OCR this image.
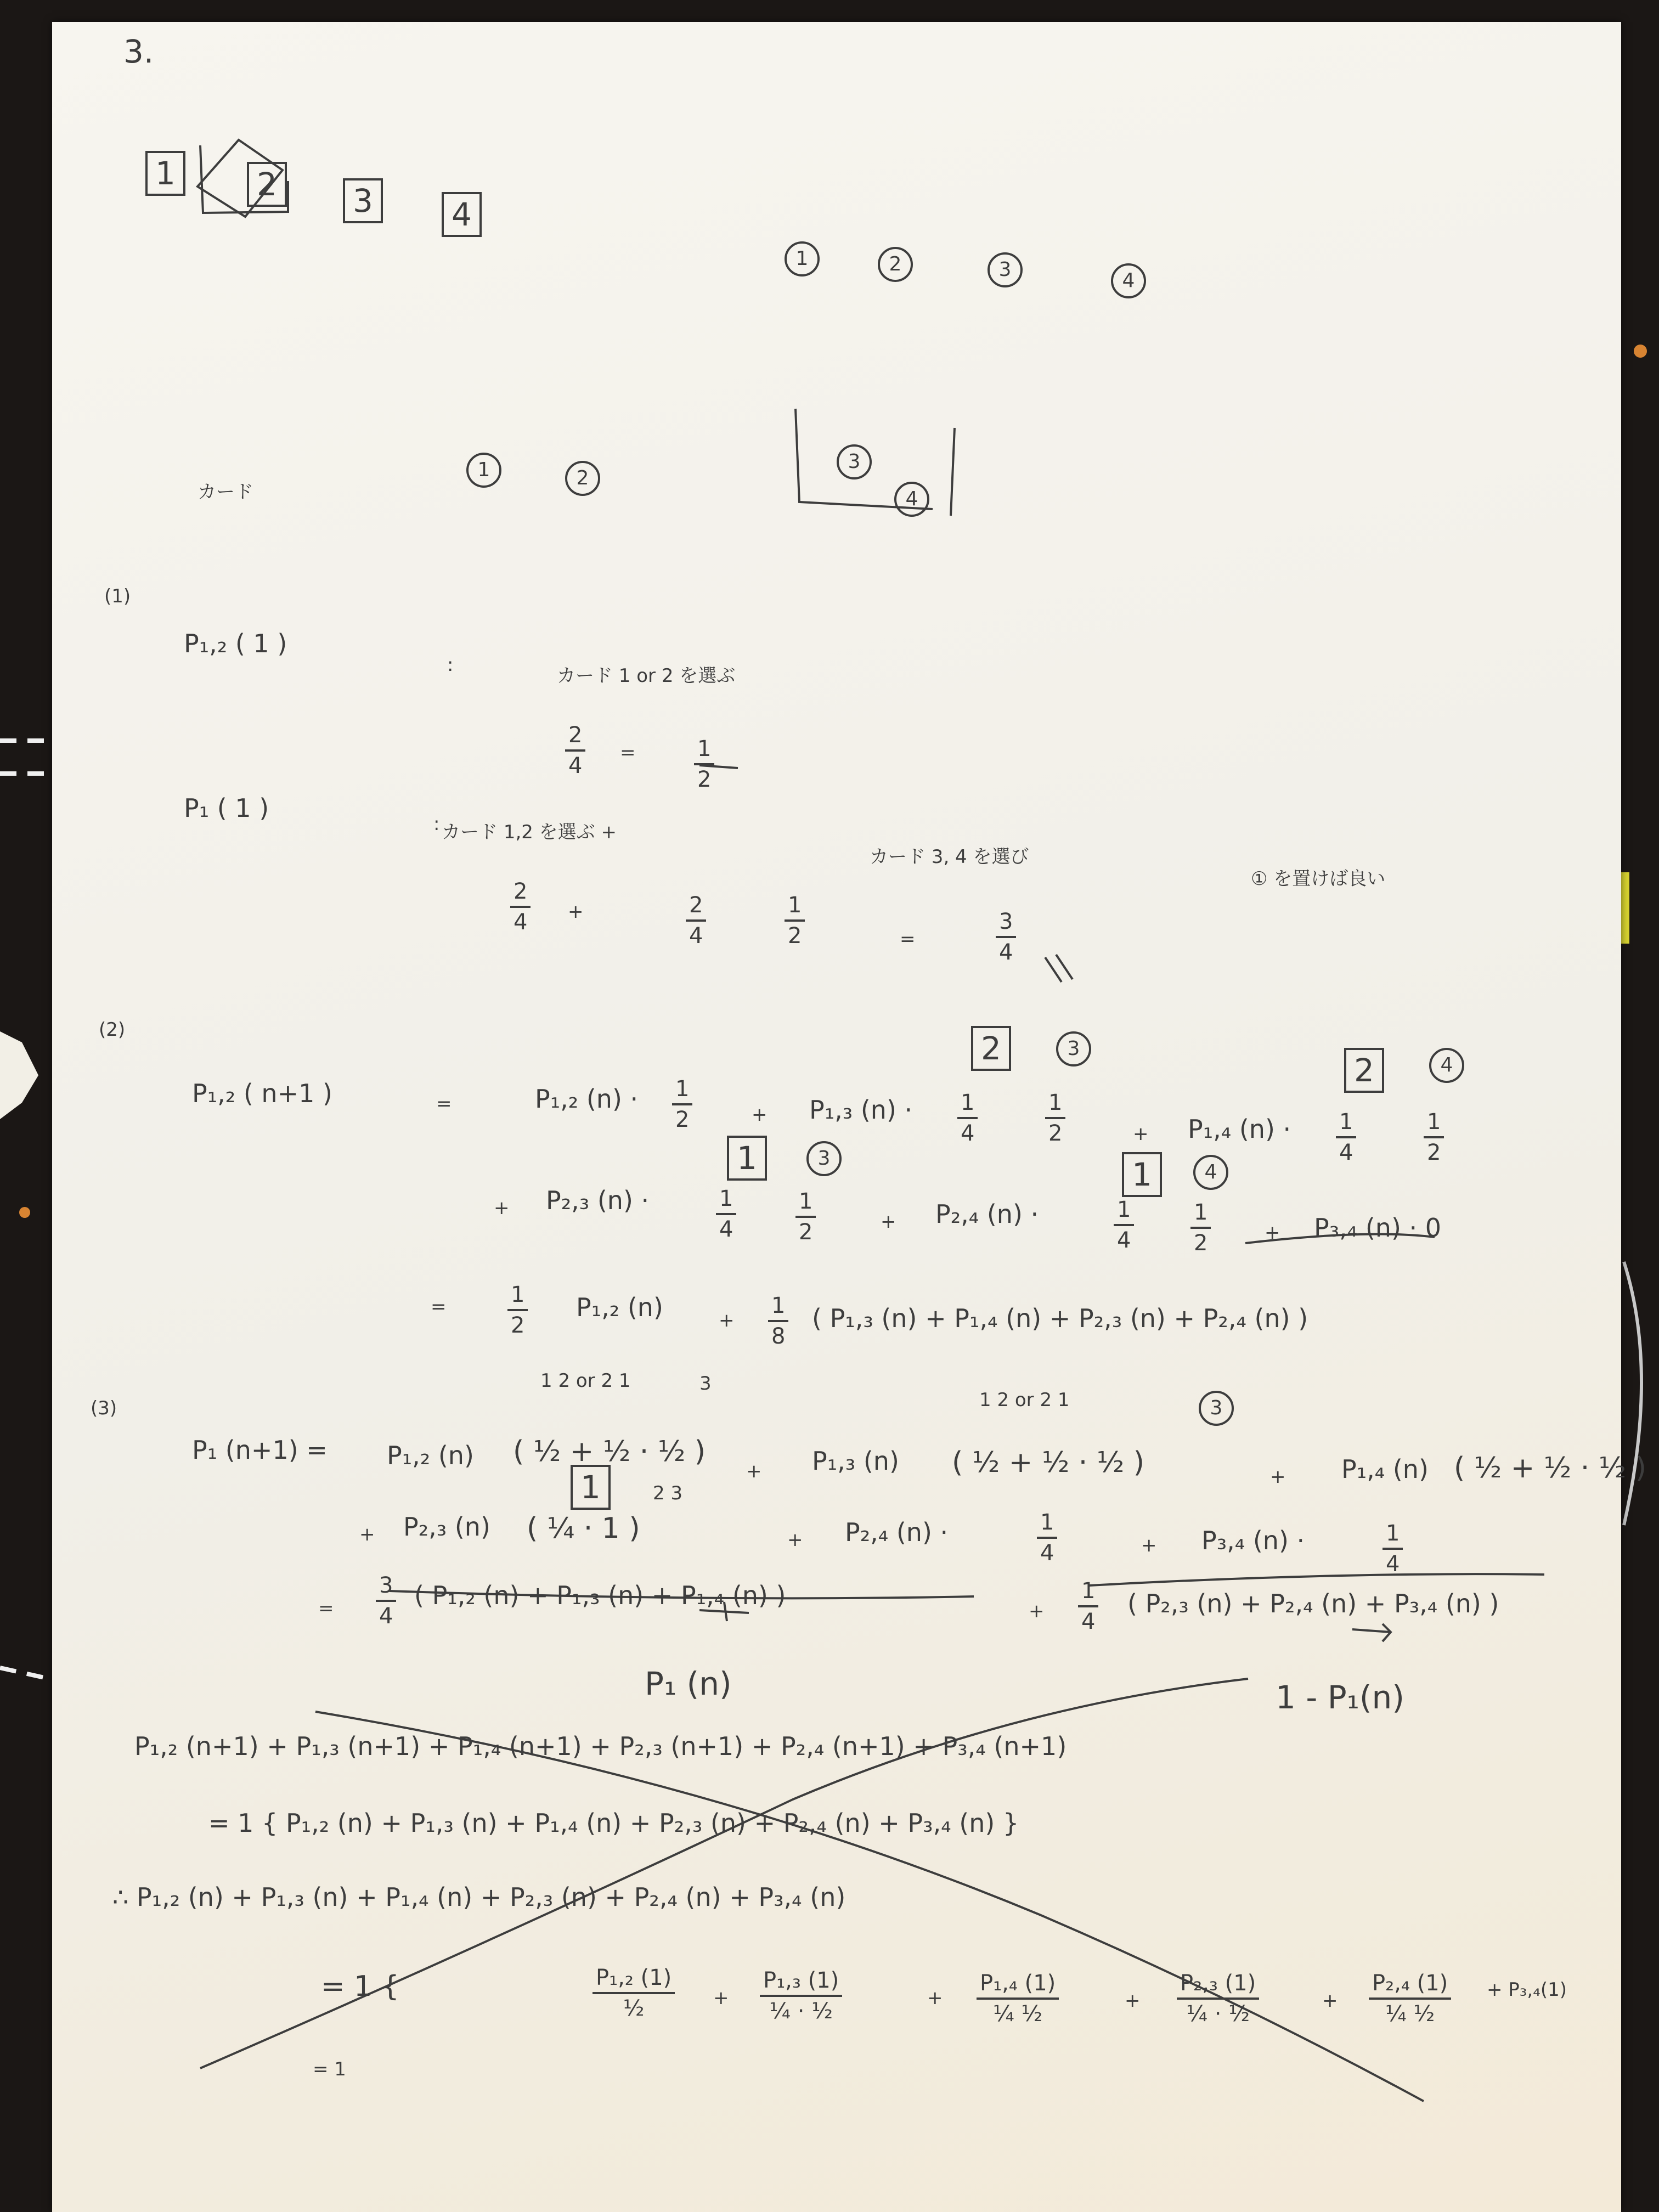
3.
1	2	3	4
1	2	3	4
カード
1	2
3
4
(1)
P₁,₂ ( 1 )
:	カード 1 or 2 を選ぶ
$\frac{2}{4}$ =	$\frac{1}{2}$
P₁ ( 1 )
: カード 1,2 を選ぶ +
カード 3, 4 を選び
① を置けば良い
$\frac{2}{4}$ +	$\frac{2}{4}$	$\frac{1}{2}$	=	$\frac{3}{4}$
(2)
P₁,₂ ( n+1 )	=	P₁,₂ $(n) \cdot \frac{1}{2}$	+ P₁,₃ (n) ·
2	3
$\frac{1}{4}$	$\frac{1}{2}$	+ P₁,₄ (n) ·
2	4
$\frac{1}{4}$	$\frac{1}{2}$
+ P₂,₃ (n) ·
1	3
$\frac{1}{4}$	$\frac{1}{2}$	+ P₂,₄ (n) ·
1	4
$\frac{1}{4}$	$\frac{1}{2}$	+ P₃,₄ (n) · 0
=	$\frac{1}{2} P_1,_2$ (n)	+ $\frac{1}{8}$ ( P₁,₃ (n) + P₁,₄ (n) + P₂,₃ (n) + P₂,₄ (n) )
(3)
1 2 or 2 1	3
1 2 or 2 1	3
P₁ (n+1) = P₁,₂ (n) ( ½ + ½ · ½ )
+ P₁,₃ (n) ( ½ + ½ · ½ )	+ P₁,₄ (n) ( ½ + ½ · ½ )
1	2 3
+ P₂,₃ (n) ( ¼ · 1 )	+ P₂,₄ (n) ·	$\frac{1}{4}$	+ P₃,₄ (n) ·	$\frac{1}{4}$
= $\frac{3}{4}$ ( P₁,₂ (n) + P₁,₃ (n) + P₁,₄ (n) )
+ $\frac{1}{4}$ ( P₂,₃ (n) + P₂,₄ (n) + P₃,₄ (n) )
P₁ (n)	1 - P₁(n)
P₁,₂ (n+1) + P₁,₃ (n+1) + P₁,₄ (n+1) + P₂,₃ (n+1) + P₂,₄ (n+1) + P₃,₄ (n+1)
= 1 { P₁,₂ (n) + P₁,₃ (n) + P₁,₄ (n) + P₂,₃ (n) + P₂,₄ (n) + P₃,₄ (n) }
∴ P₁,₂ (n) + P₁,₃ (n) + P₁,₄ (n) + P₂,₃ (n) + P₂,₄ (n) + P₃,₄ (n)
= 1 {	P₁,₂ (1)
½	+
P₁,₃ (1)
¼ · ½
+
P₁,₄ (1)
¼ ½
+
P₂,₃ (1)
¼ · ½
+
P₂,₄ (1)
¼ ½
+ P₃,₄(1)
= 1
